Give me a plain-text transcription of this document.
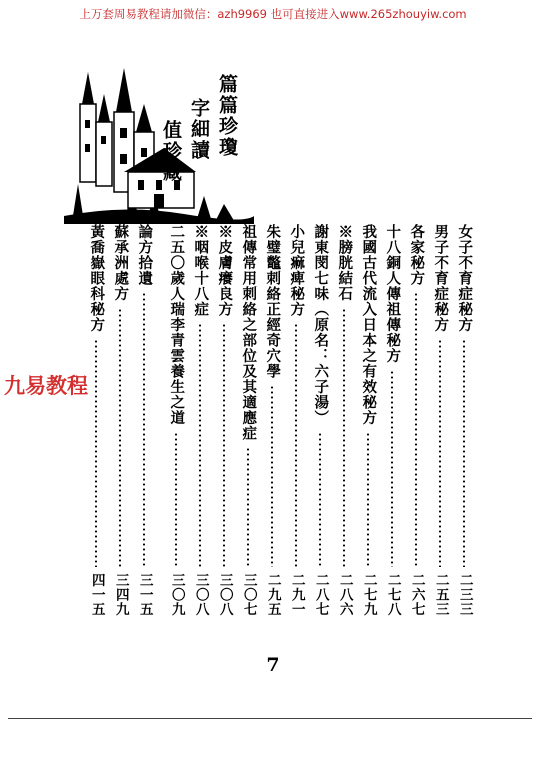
上万套周易教程请加微信：azh9969 也可直接进入www.265zhouyiw.com
篇篇珍瓊
字細讀
值珍藏
女子不育症秘方
二三三
男子不育症秘方
二五三
各家秘方
二六七
十八銅人傳祖傳秘方
二七八
我國古代流入日本之有效秘方
二七九
※膀胱結石
二八六
謝東閔七味（原名：六子湯）
二八七
小兒痲痺秘方
二九一
朱璧鼈刺絡正經奇穴學
二九五
祖傳常用刺絡之部位及其適應症
三〇七
※皮膚癢良方
三〇八
※咽喉十八症
三〇八
二五〇歲人瑞李青雲養生之道
三〇九
論方拾遺
三一五
蘇承洲處方
三四九
黃喬嶽眼科秘方
四一五
九易教程
7
